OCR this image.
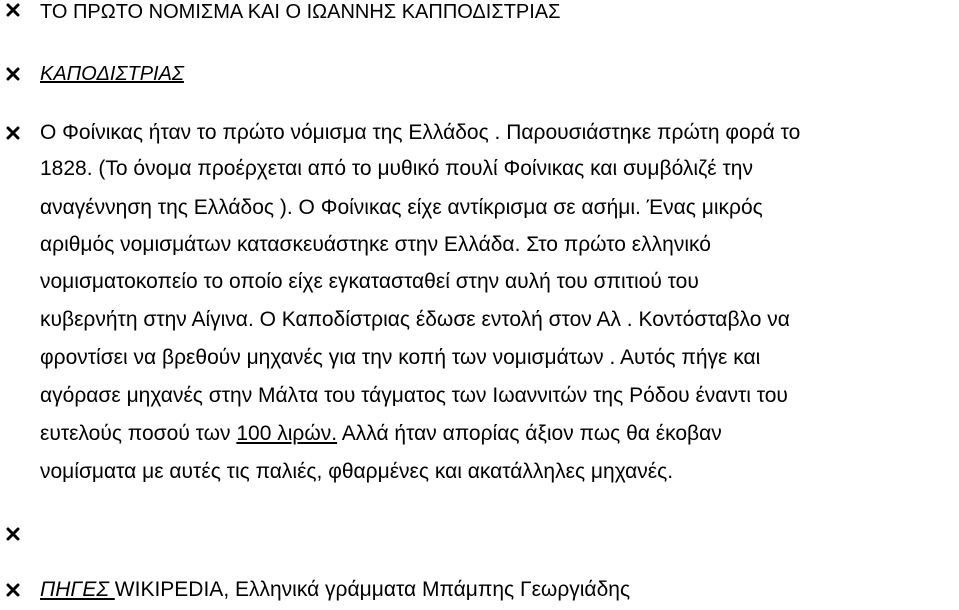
ΤΟ ΠΡΩΤΟ ΝΟΜΙΣΜΑ ΚΑΙ Ο ΙΩΑΝΝΗΣ ΚΑΠΠΟΔΙΣΤΡΙΑΣ
ΚΑΠΟΔΙΣΤΡΙΑΣ
Ο Φοίνικας ήταν το πρώτο νόμισμα της Ελλάδος . Παρουσιάστηκε πρώτη φορά το
1828. (Το όνομα προέρχεται από το μυθικό πουλί Φοίνικας και συμβόλιζέ την
αναγέννηση της Ελλάδος ). Ο Φοίνικας είχε αντίκρισμα σε ασήμι. Ένας μικρός
αριθμός νομισμάτων κατασκευάστηκε στην Ελλάδα. Στο πρώτο ελληνικό
νομισματοκοπείο το οποίο είχε εγκατασταθεί στην αυλή του σπιτιού του
κυβερνήτη στην Αίγινα. Ο Καποδίστριας έδωσε εντολή στον Αλ . Κοντόσταβλο να
φροντίσει να βρεθούν μηχανές για την κοπή των νομισμάτων . Αυτός πήγε και
αγόρασε μηχανές στην Μάλτα του τάγματος των Ιωαννιτών της Ρόδου έναντι του
ευτελούς ποσού των 100 λιρών. Αλλά ήταν απορίας άξιον πως θα έκοβαν
νομίσματα με αυτές τις παλιές, φθαρμένες και ακατάλληλες μηχανές.
ΠΗΓΕΣ WIKIPEDIA, Ελληνικά γράμματα Μπάμπης Γεωργιάδης
